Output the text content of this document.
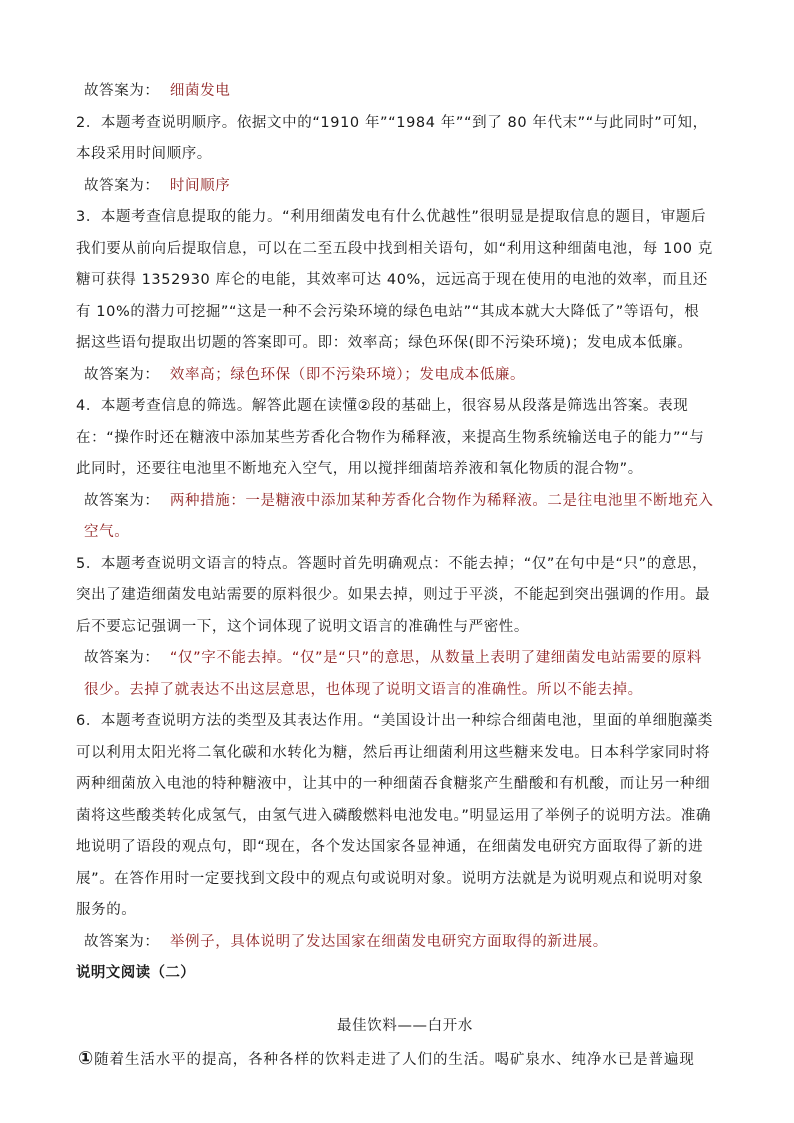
故答案为： 细菌发电

2．本题考查说明顺序。依据文中的“1910 年”“1984 年”“到了 80 年代末”“与此同时”可知，本段采用时间顺序。

故答案为： 时间顺序

3．本题考查信息提取的能力。“利用细菌发电有什么优越性”很明显是提取信息的题目，审题后我们要从前向后提取信息，可以在二至五段中找到相关语句，如“利用这种细菌电池，每 100 克糖可获得 1352930 库仑的电能，其效率可达 40%，远远高于现在使用的电池的效率，而且还有 10%的潜力可挖掘”“这是一种不会污染环境的绿色电站”“其成本就大大降低了”等语句，根据这些语句提取出切题的答案即可。即：效率高；绿色环保(即不污染环境)；发电成本低廉。

故答案为： 效率高；绿色环保（即不污染环境）；发电成本低廉。

4．本题考查信息的筛选。解答此题在读懂②段的基础上，很容易从段落是筛选出答案。表现在：“操作时还在糖液中添加某些芳香化合物作为稀释液，来提高生物系统输送电子的能力”“与此同时，还要往电池里不断地充入空气，用以搅拌细菌培养液和氧化物质的混合物”。

故答案为： 两种措施：一是糖液中添加某种芳香化合物作为稀释液。二是往电池里不断地充入空气。

5．本题考查说明文语言的特点。答题时首先明确观点：不能去掉；“仅”在句中是“只”的意思，突出了建造细菌发电站需要的原料很少。如果去掉，则过于平淡，不能起到突出强调的作用。最后不要忘记强调一下，这个词体现了说明文语言的准确性与严密性。

故答案为： “仅”字不能去掉。“仅”是“只”的意思，从数量上表明了建细菌发电站需要的原料很少。去掉了就表达不出这层意思，也体现了说明文语言的准确性。所以不能去掉。

6．本题考查说明方法的类型及其表达作用。“美国设计出一种综合细菌电池，里面的单细胞藻类可以利用太阳光将二氧化碳和水转化为糖，然后再让细菌利用这些糖来发电。日本科学家同时将两种细菌放入电池的特种糖液中，让其中的一种细菌吞食糖浆产生醋酸和有机酸，而让另一种细菌将这些酸类转化成氢气，由氢气进入磷酸燃料电池发电。”明显运用了举例子的说明方法。准确地说明了语段的观点句，即“现在，各个发达国家各显神通，在细菌发电研究方面取得了新的进展”。在答作用时一定要找到文段中的观点句或说明对象。说明方法就是为说明观点和说明对象服务的。

故答案为： 举例子，具体说明了发达国家在细菌发电研究方面取得的新进展。

说明文阅读（二）

最佳饮料——白开水

①随着生活水平的提高，各种各样的饮料走进了人们的生活。喝矿泉水、纯净水已是普遍现
